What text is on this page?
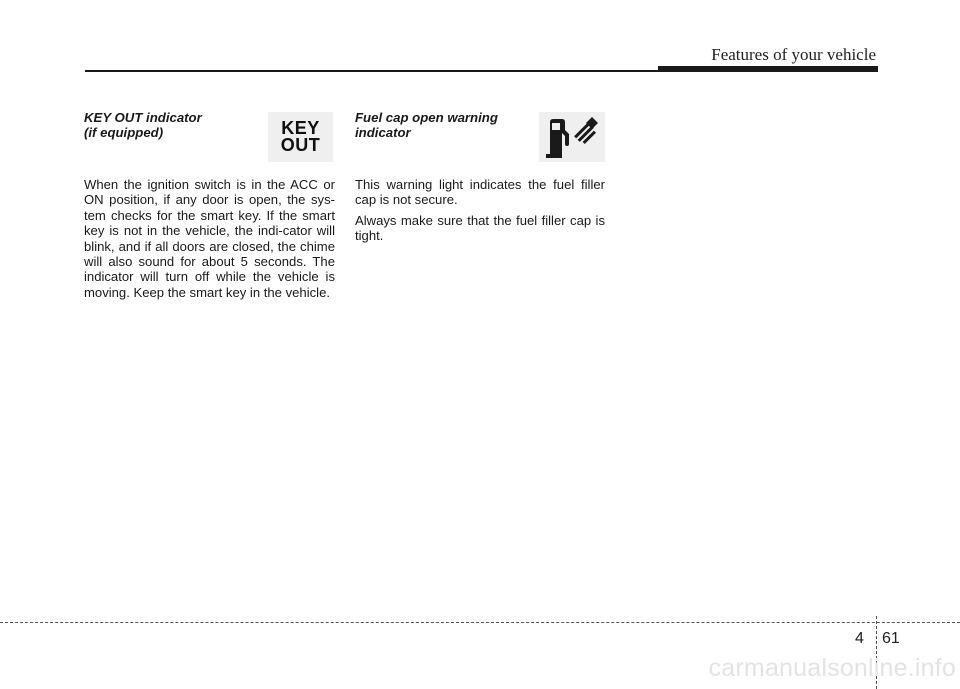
Features of your vehicle

KEY OUT indicator
(if equipped)	KEY
OUT

When the ignition switch is in the ACC or ON position, if any door is open, the sys-tem checks for the smart key. If the smart key is not in the vehicle, the indi-cator will blink, and if all doors are closed, the chime will also sound for about 5 seconds. The indicator will turn off while the vehicle is moving. Keep the smart key in the vehicle.

Fuel cap open warning
indicator

This warning light indicates the fuel filler cap is not secure.

Always make sure that the fuel filler cap is tight.

4 61
carmanualsonline.info
